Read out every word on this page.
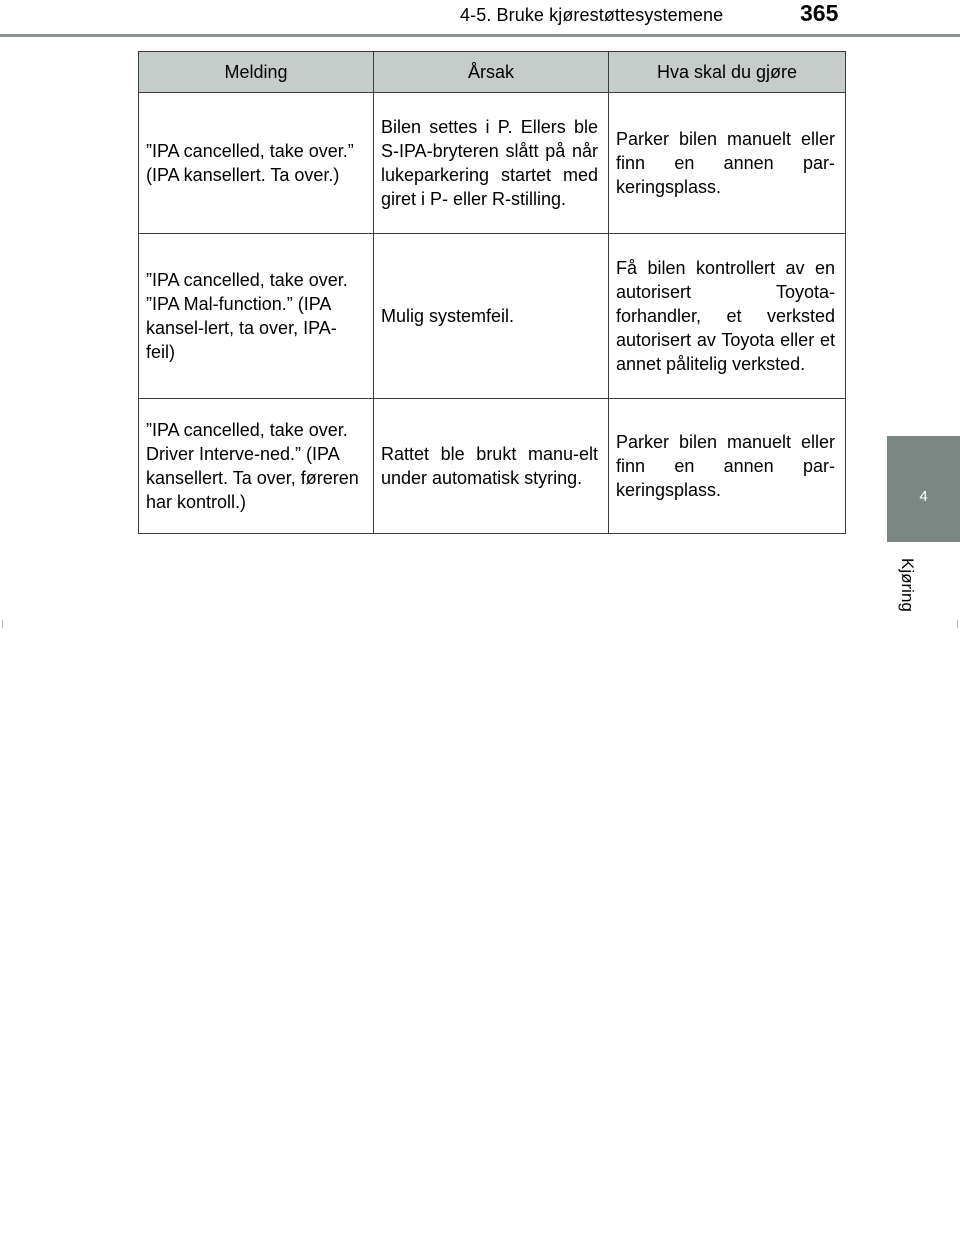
4-5. Bruke kjørestøttesystemene	365
4
Kjøring
Melding	Årsak	Hva skal du gjøre
”IPA cancelled, take over.” (IPA kansellert. Ta over.)	Bilen settes i P. Ellers ble S-IPA-bryteren slått på når lukeparkering startet med giret i P- eller R-stilling.	Parker bilen manuelt eller finn en annen par-keringsplass.
”IPA cancelled, take over. ”IPA Mal-function.” (IPA kansel-lert, ta over, IPA-feil)	Mulig systemfeil.	Få bilen kontrollert av en autorisert Toyota-forhandler, et verksted autorisert av Toyota eller et annet pålitelig verksted.
”IPA cancelled, take over. Driver Interve-ned.” (IPA kansellert. Ta over, føreren har kontroll.)	Rattet ble brukt manu-elt under automatisk styring.	Parker bilen manuelt eller finn en annen par-keringsplass.
